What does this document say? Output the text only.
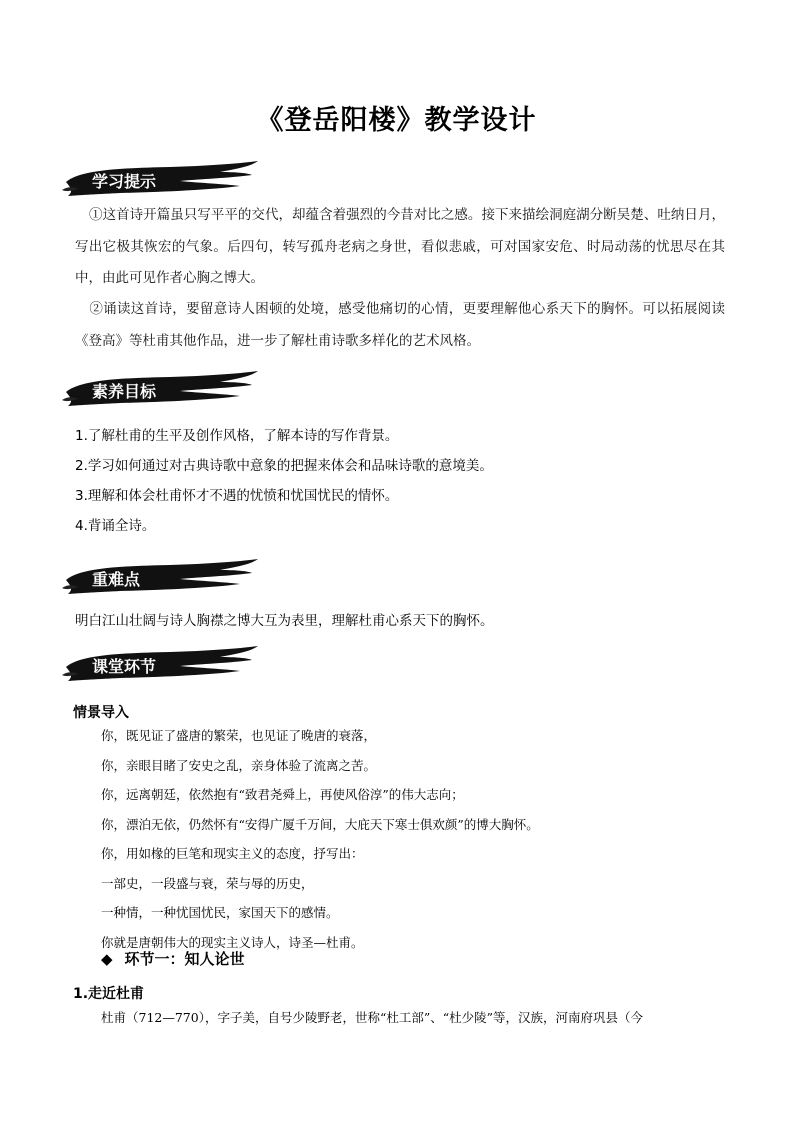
《登岳阳楼》教学设计
学习提示
①这首诗开篇虽只写平平的交代，却蕴含着强烈的今昔对比之感。接下来描绘洞庭湖分断吴楚、吐纳日月，写出它极其恢宏的气象。后四句，转写孤舟老病之身世，看似悲戚，可对国家安危、时局动荡的忧思尽在其中，由此可见作者心胸之博大。
②诵读这首诗，要留意诗人困顿的处境，感受他痛切的心情，更要理解他心系天下的胸怀。可以拓展阅读《登高》等杜甫其他作品，进一步了解杜甫诗歌多样化的艺术风格。
素养目标
1.了解杜甫的生平及创作风格，了解本诗的写作背景。
2.学习如何通过对古典诗歌中意象的把握来体会和品味诗歌的意境美。
3.理解和体会杜甫怀才不遇的忧愤和忧国忧民的情怀。
4.背诵全诗。
重难点
明白江山壮阔与诗人胸襟之博大互为表里，理解杜甫心系天下的胸怀。
课堂环节
情景导入
你，既见证了盛唐的繁荣，也见证了晚唐的衰落，
你，亲眼目睹了安史之乱，亲身体验了流离之苦。
你，远离朝廷，依然抱有“致君尧舜上，再使风俗淳”的伟大志向；
你，漂泊无依，仍然怀有“安得广厦千万间，大庇天下寒士俱欢颜”的博大胸怀。
你，用如椽的巨笔和现实主义的态度，抒写出：
一部史，一段盛与衰，荣与辱的历史，
一种情，一种忧国忧民，家国天下的感情。
你就是唐朝伟大的现实主义诗人，诗圣—杜甫。
◆ 环节一：知人论世
1.走近杜甫
杜甫（712—770），字子美，自号少陵野老，世称“杜工部”、“杜少陵”等，汉族，河南府巩县（今
